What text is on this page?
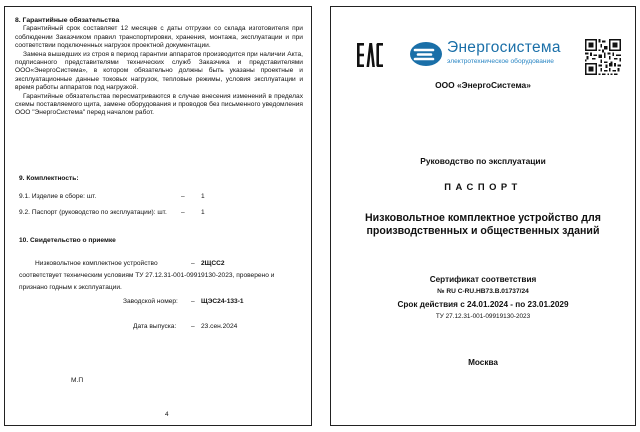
8. Гарантийные обязательства
Гарантийный срок составляет 12 месяцев с даты отгрузки со склада изготовителя при соблюдении Заказчиком правил транспортировки, хранения, монтажа, эксплуатации и при соответствии подключенных нагрузок проектной документации.
Замена вышедших из строя в период гарантии аппаратов производится при наличии Акта, подписанного представителями технических служб Заказчика и представителями ООО«ЭнергоСистема», в котором обязательно должны быть указаны проектные и эксплуатационные данные токовых нагрузок, тепловые режимы, условия эксплуатации и время работы аппаратов под нагрузкой.
Гарантийные обязательства пересматриваются в случае внесения изменений в пределах схемы поставляемого щита, замене оборудования и проводов без письменного уведомления ООО "ЭнергоСистема" перед началом работ.
9. Комплектность:
9.1. Изделие в сборе: шт.	– 1
9.2. Паспорт (руководство по эксплуатации): шт. – 1
10. Свидетельство о приемке
Низковольтное комплектное устройство	– 2ЩСС2
соответствует техническим условиям ТУ 27.12.31-001-09919130-2023, проверено и
признано годным к эксплуатации.
Заводской номер: – ЩЭС24-133-1
Дата выпуска: – 23.сен.2024
М.П
4
Энергосистема
электротехническое оборудование
ООО «ЭнергоСистема»
Руководство по эксплуатации
ПАСПОРТ
Низковольтное комплектное устройство для
производственных и общественных зданий
Сертификат соответствия
№ RU C-RU.HB73.B.01737/24
Срок действия с 24.01.2024 - по 23.01.2029
ТУ 27.12.31-001-09919130-2023
Москва
